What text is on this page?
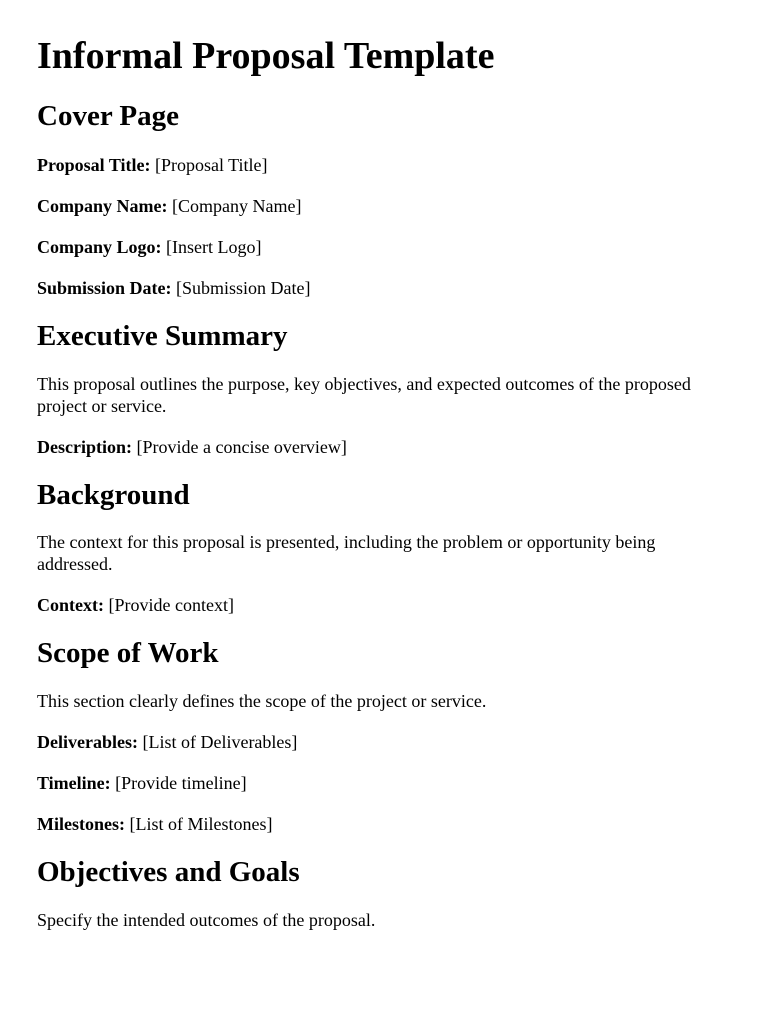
Informal Proposal Template
Cover Page

Proposal Title: [Proposal Title]

Company Name: [Company Name]

Company Logo: [Insert Logo]

Submission Date: [Submission Date]

Executive Summary

This proposal outlines the purpose, key objectives, and expected outcomes of the proposed project or service.

Description: [Provide a concise overview]

Background

The context for this proposal is presented, including the problem or opportunity being addressed.

Context: [Provide context]

Scope of Work

This section clearly defines the scope of the project or service.

Deliverables: [List of Deliverables]

Timeline: [Provide timeline]

Milestones: [List of Milestones]

Objectives and Goals

Specify the intended outcomes of the proposal.
